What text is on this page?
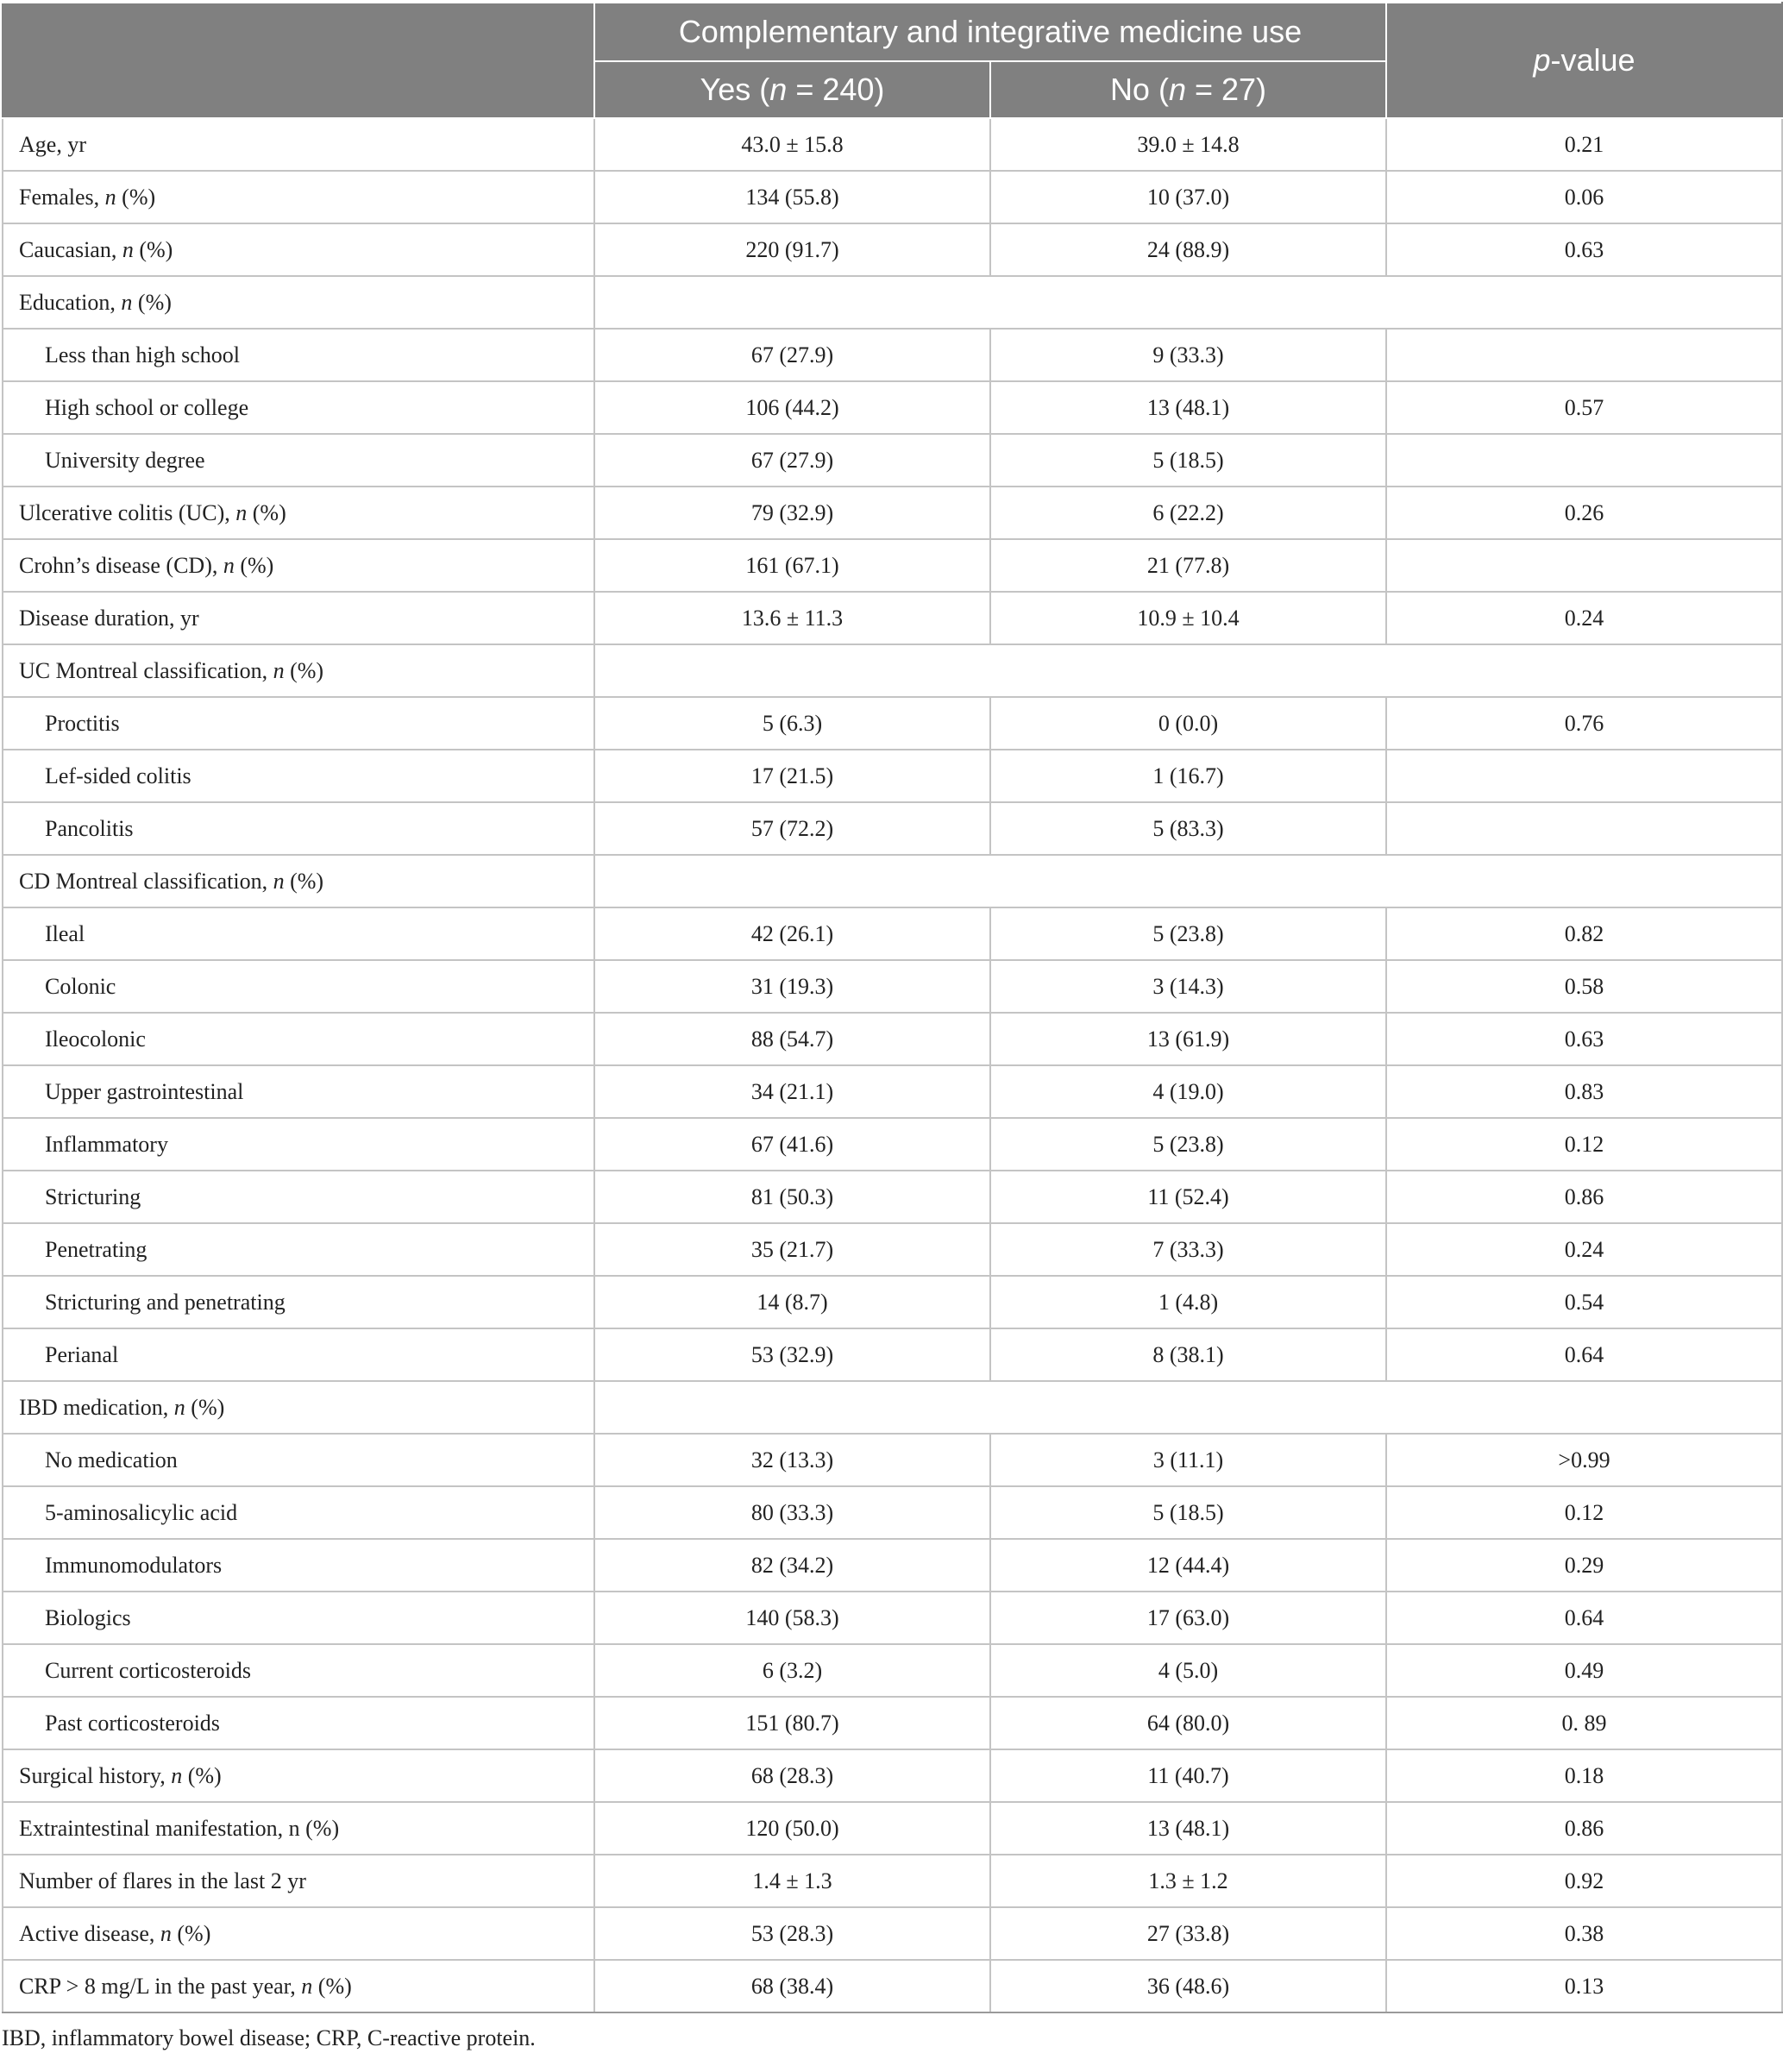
	Complementary and integrative medicine use		p-value
	Yes (n = 240)	No (n = 27)	
Age, yr	43.0 ± 15.8	39.0 ± 14.8	0.21
Females, n (%)	134 (55.8)	10 (37.0)	0.06
Caucasian, n (%)	220 (91.7)	24 (88.9)	0.63
Education, n (%)			
Less than high school	67 (27.9)	9 (33.3)	
High school or college	106 (44.2)	13 (48.1)	0.57
University degree	67 (27.9)	5 (18.5)	
Ulcerative colitis (UC), n (%)	79 (32.9)	6 (22.2)	0.26
Crohn’s disease (CD), n (%)	161 (67.1)	21 (77.8)	
Disease duration, yr	13.6 ± 11.3	10.9 ± 10.4	0.24
UC Montreal classification, n (%)			
Proctitis	5 (6.3)	0 (0.0)	0.76
Lef-sided colitis	17 (21.5)	1 (16.7)	
Pancolitis	57 (72.2)	5 (83.3)	
CD Montreal classification, n (%)			
Ileal	42 (26.1)	5 (23.8)	0.82
Colonic	31 (19.3)	3 (14.3)	0.58
Ileocolonic	88 (54.7)	13 (61.9)	0.63
Upper gastrointestinal	34 (21.1)	4 (19.0)	0.83
Inflammatory	67 (41.6)	5 (23.8)	0.12
Stricturing	81 (50.3)	11 (52.4)	0.86
Penetrating	35 (21.7)	7 (33.3)	0.24
Stricturing and penetrating	14 (8.7)	1 (4.8)	0.54
Perianal	53 (32.9)	8 (38.1)	0.64
IBD medication, n (%)			
No medication	32 (13.3)	3 (11.1)	>0.99
5-aminosalicylic acid	80 (33.3)	5 (18.5)	0.12
Immunomodulators	82 (34.2)	12 (44.4)	0.29
Biologics	140 (58.3)	17 (63.0)	0.64
Current corticosteroids	6 (3.2)	4 (5.0)	0.49
Past corticosteroids	151 (80.7)	64 (80.0)	0. 89
Surgical history, n (%)	68 (28.3)	11 (40.7)	0.18
Extraintestinal manifestation, n (%)	120 (50.0)	13 (48.1)	0.86
Number of flares in the last 2 yr	1.4 ± 1.3	1.3 ± 1.2	0.92
Active disease, n (%)	53 (28.3)	27 (33.8)	0.38
CRP > 8 mg/L in the past year, n (%)	68 (38.4)	36 (48.6)	0.13
IBD, inflammatory bowel disease; CRP, C-reactive protein.
